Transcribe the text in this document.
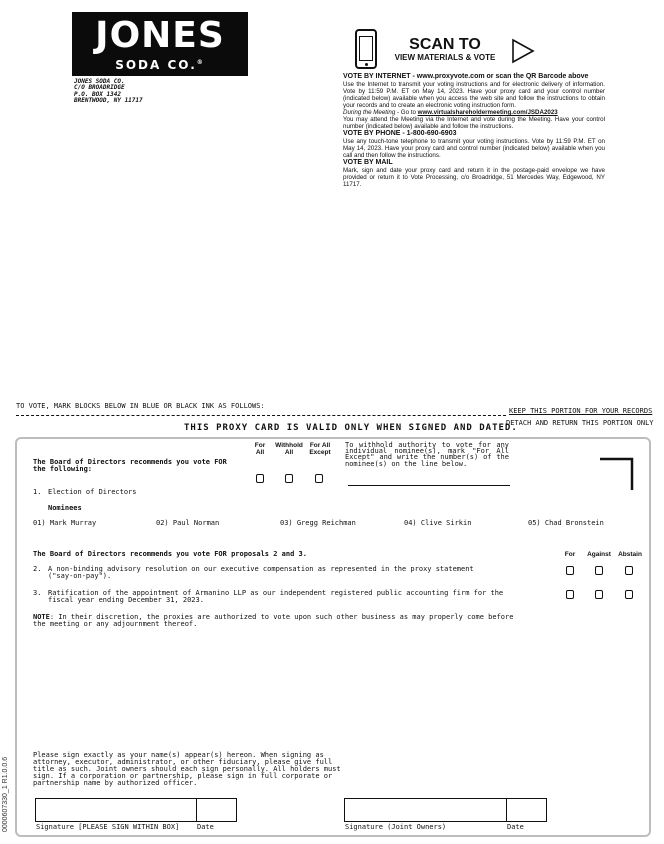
JONES
SODA CO.®
JONES SODA CO.
C/O BROADRIDGE
P.O. BOX 1342
BRENTWOOD, NY 11717
SCAN TO
VIEW MATERIALS & VOTE

VOTE BY INTERNET - www.proxyvote.com or scan the QR Barcode above

Use the Internet to transmit your voting instructions and for electronic delivery of information. Vote by 11:59 P.M. ET on May 14, 2023. Have your proxy card and your control number (indicated below) available when you access the web site and follow the instructions to obtain your records and to create an electronic voting instruction form.

During the Meeting - Go to www.virtualshareholdermeeting.com/JSDA2023

You may attend the Meeting via the Internet and vote during the Meeting. Have your control number (indicated below) available and follow the instructions.

VOTE BY PHONE - 1-800-690-6903

Use any touch-tone telephone to transmit your voting instructions. Vote by 11:59 P.M. ET on May 14, 2023. Have your proxy card and control number (indicated below) available when you call and then follow the instructions.

VOTE BY MAIL

Mark, sign and date your proxy card and return it in the postage-paid envelope we have provided or return it to Vote Processing, c/o Broadridge, 51 Mercedes Way, Edgewood, NY 11717.

TO VOTE, MARK BLOCKS BELOW IN BLUE OR BLACK INK AS FOLLOWS:
KEEP THIS PORTION FOR YOUR RECORDS
DETACH AND RETURN THIS PORTION ONLY
THIS PROXY CARD IS VALID ONLY WHEN SIGNED AND DATED.
The Board of Directors recommends you vote FOR the following:
For
All
Withhold
All
For All
Except
To withhold authority to vote for any individual nominee(s), mark "For All Except" and write the number(s) of the nominee(s) on the line below.
1. Election of Directors
Nominees
01) Mark Murray	02) Paul Norman	03) Gregg Reichman	04) Clive Sirkin	05) Chad Bronstein
The Board of Directors recommends you vote FOR proposals 2 and 3.	For	Against	Abstain
2. A non-binding advisory resolution on our executive compensation as represented in the proxy statement
("say-on-pay").
3. Ratification of the appointment of Armanino LLP as our independent registered public accounting firm for the
fiscal year ending December 31, 2023.
NOTE: In their discretion, the proxies are authorized to vote upon such other business as may properly come before
the meeting or any adjournment thereof.
Please sign exactly as your name(s) appear(s) hereon. When signing as
attorney, executor, administrator, or other fiduciary, please give full
title as such. Joint owners should each sign personally. All holders must
sign. If a corporation or partnership, please sign in full corporate or
partnership name by authorized officer.
Signature [PLEASE SIGN WITHIN BOX]	Date	Signature (Joint Owners)	Date
0000607330_1 R1.0.0.6
